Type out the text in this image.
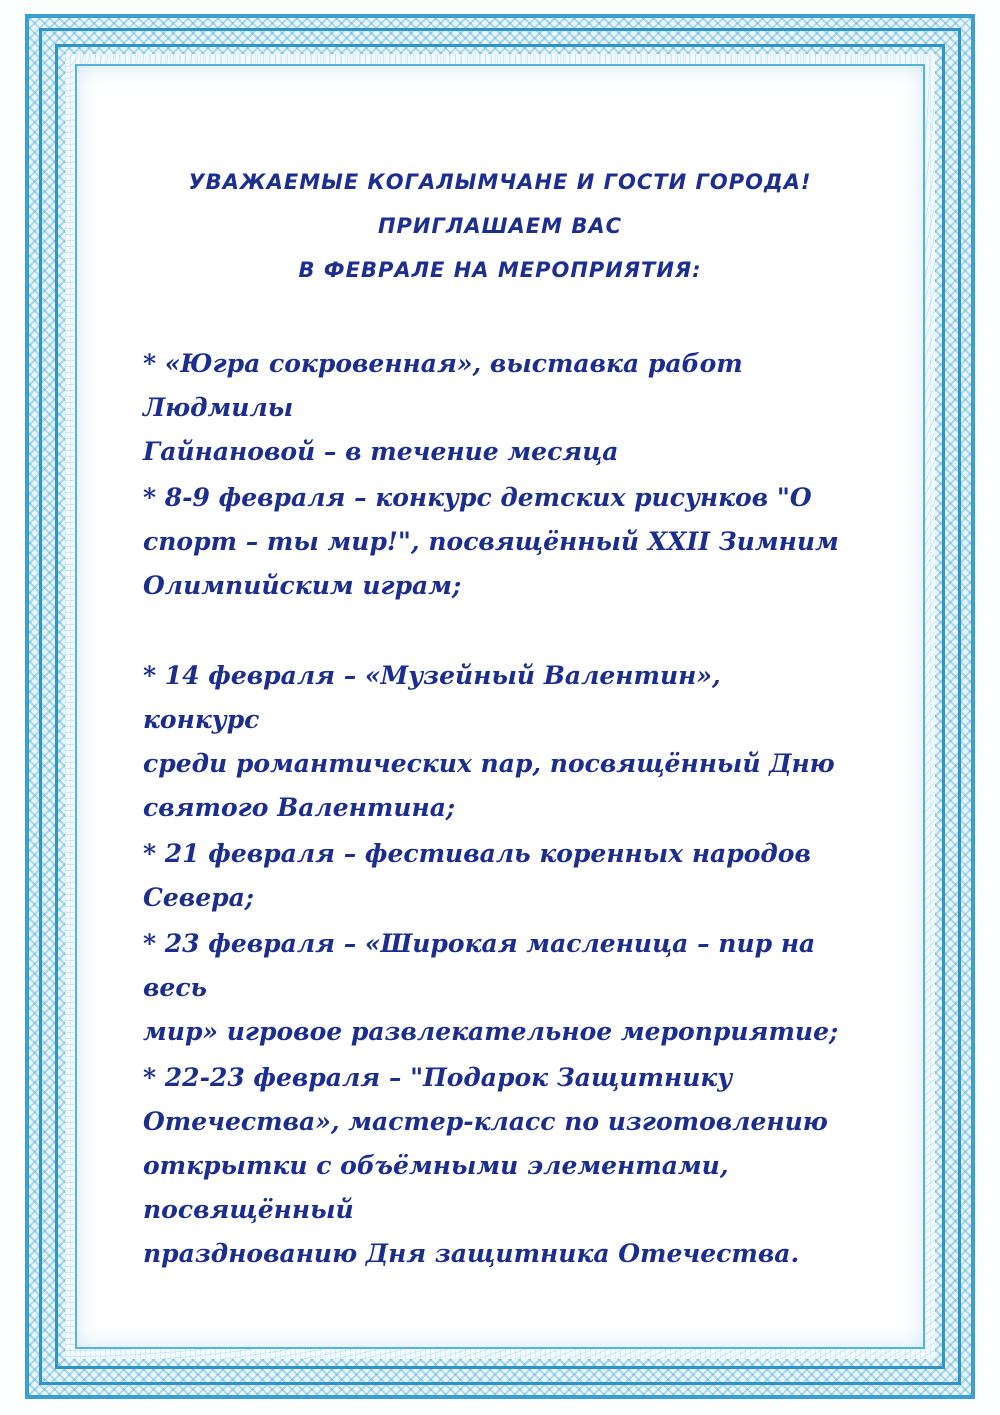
УВАЖАЕМЫЕ КОГАЛЫМЧАНЕ И ГОСТИ ГОРОДА!
ПРИГЛАШАЕМ ВАС
В ФЕВРАЛЕ НА МЕРОПРИЯТИЯ:
* «Югра сокровенная», выставка работ Людмилы
Гайнановой – в течение месяца
* 8-9 февраля – конкурс детских рисунков "О
спорт – ты мир!", посвящённый XXII Зимним
Олимпийским играм;
* 14 февраля – «Музейный Валентин», конкурс
среди романтических пар, посвящённый Дню
святого Валентина;
* 21 февраля – фестиваль коренных народов Севера;
* 23 февраля – «Широкая масленица – пир на весь
мир» игровое развлекательное мероприятие;
* 22-23 февраля – "Подарок Защитнику
Отечества», мастер-класс по изготовлению
открытки с объёмными элементами, посвящённый
празднованию Дня защитника Отечества.
